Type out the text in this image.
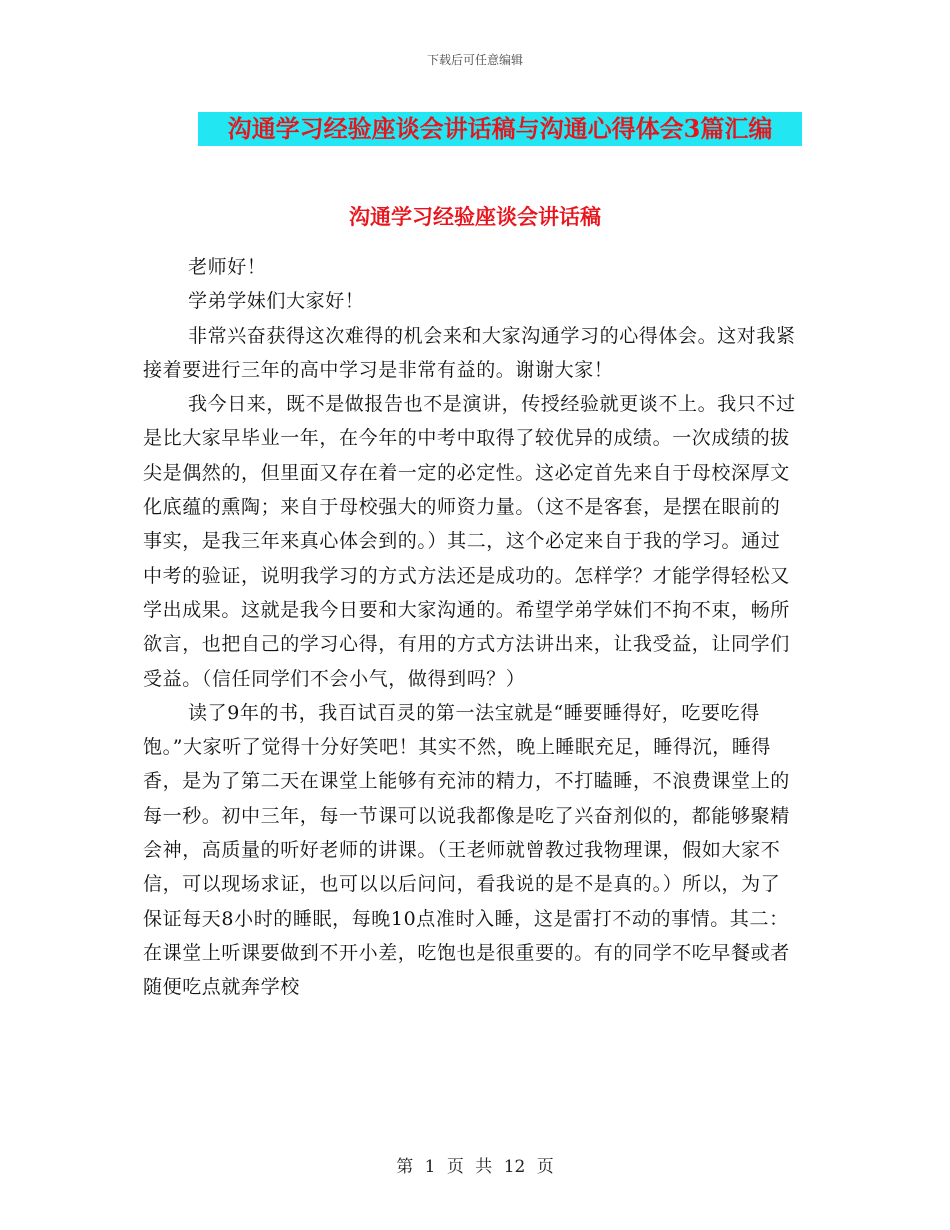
下载后可任意编辑
沟通学习经验座谈会讲话稿与沟通心得体会3篇汇编
沟通学习经验座谈会讲话稿

老师好！

学弟学妹们大家好！

非常兴奋获得这次难得的机会来和大家沟通学习的心得体会。这对我紧接着要进行三年的高中学习是非常有益的。谢谢大家！

我今日来，既不是做报告也不是演讲，传授经验就更谈不上。我只不过是比大家早毕业一年，在今年的中考中取得了较优异的成绩。一次成绩的拔尖是偶然的，但里面又存在着一定的必定性。这必定首先来自于母校深厚文化底蕴的熏陶；来自于母校强大的师资力量。（这不是客套，是摆在眼前的事实，是我三年来真心体会到的。）其二，这个必定来自于我的学习。通过中考的验证，说明我学习的方式方法还是成功的。怎样学？才能学得轻松又学出成果。这就是我今日要和大家沟通的。希望学弟学妹们不拘不束，畅所欲言，也把自己的学习心得，有用的方式方法讲出来，让我受益，让同学们受益。（信任同学们不会小气，做得到吗？）

读了9年的书，我百试百灵的第一法宝就是“睡要睡得好，吃要吃得饱。”大家听了觉得十分好笑吧！其实不然，晚上睡眠充足，睡得沉，睡得香，是为了第二天在课堂上能够有充沛的精力，不打瞌睡，不浪费课堂上的每一秒。初中三年，每一节课可以说我都像是吃了兴奋剂似的，都能够聚精会神，高质量的听好老师的讲课。（王老师就曾教过我物理课，假如大家不信，可以现场求证，也可以以后问问，看我说的是不是真的。）所以，为了保证每天8小时的睡眠，每晚10点准时入睡，这是雷打不动的事情。其二：在课堂上听课要做到不开小差，吃饱也是很重要的。有的同学不吃早餐或者随便吃点就奔学校

第 1 页 共 12 页
